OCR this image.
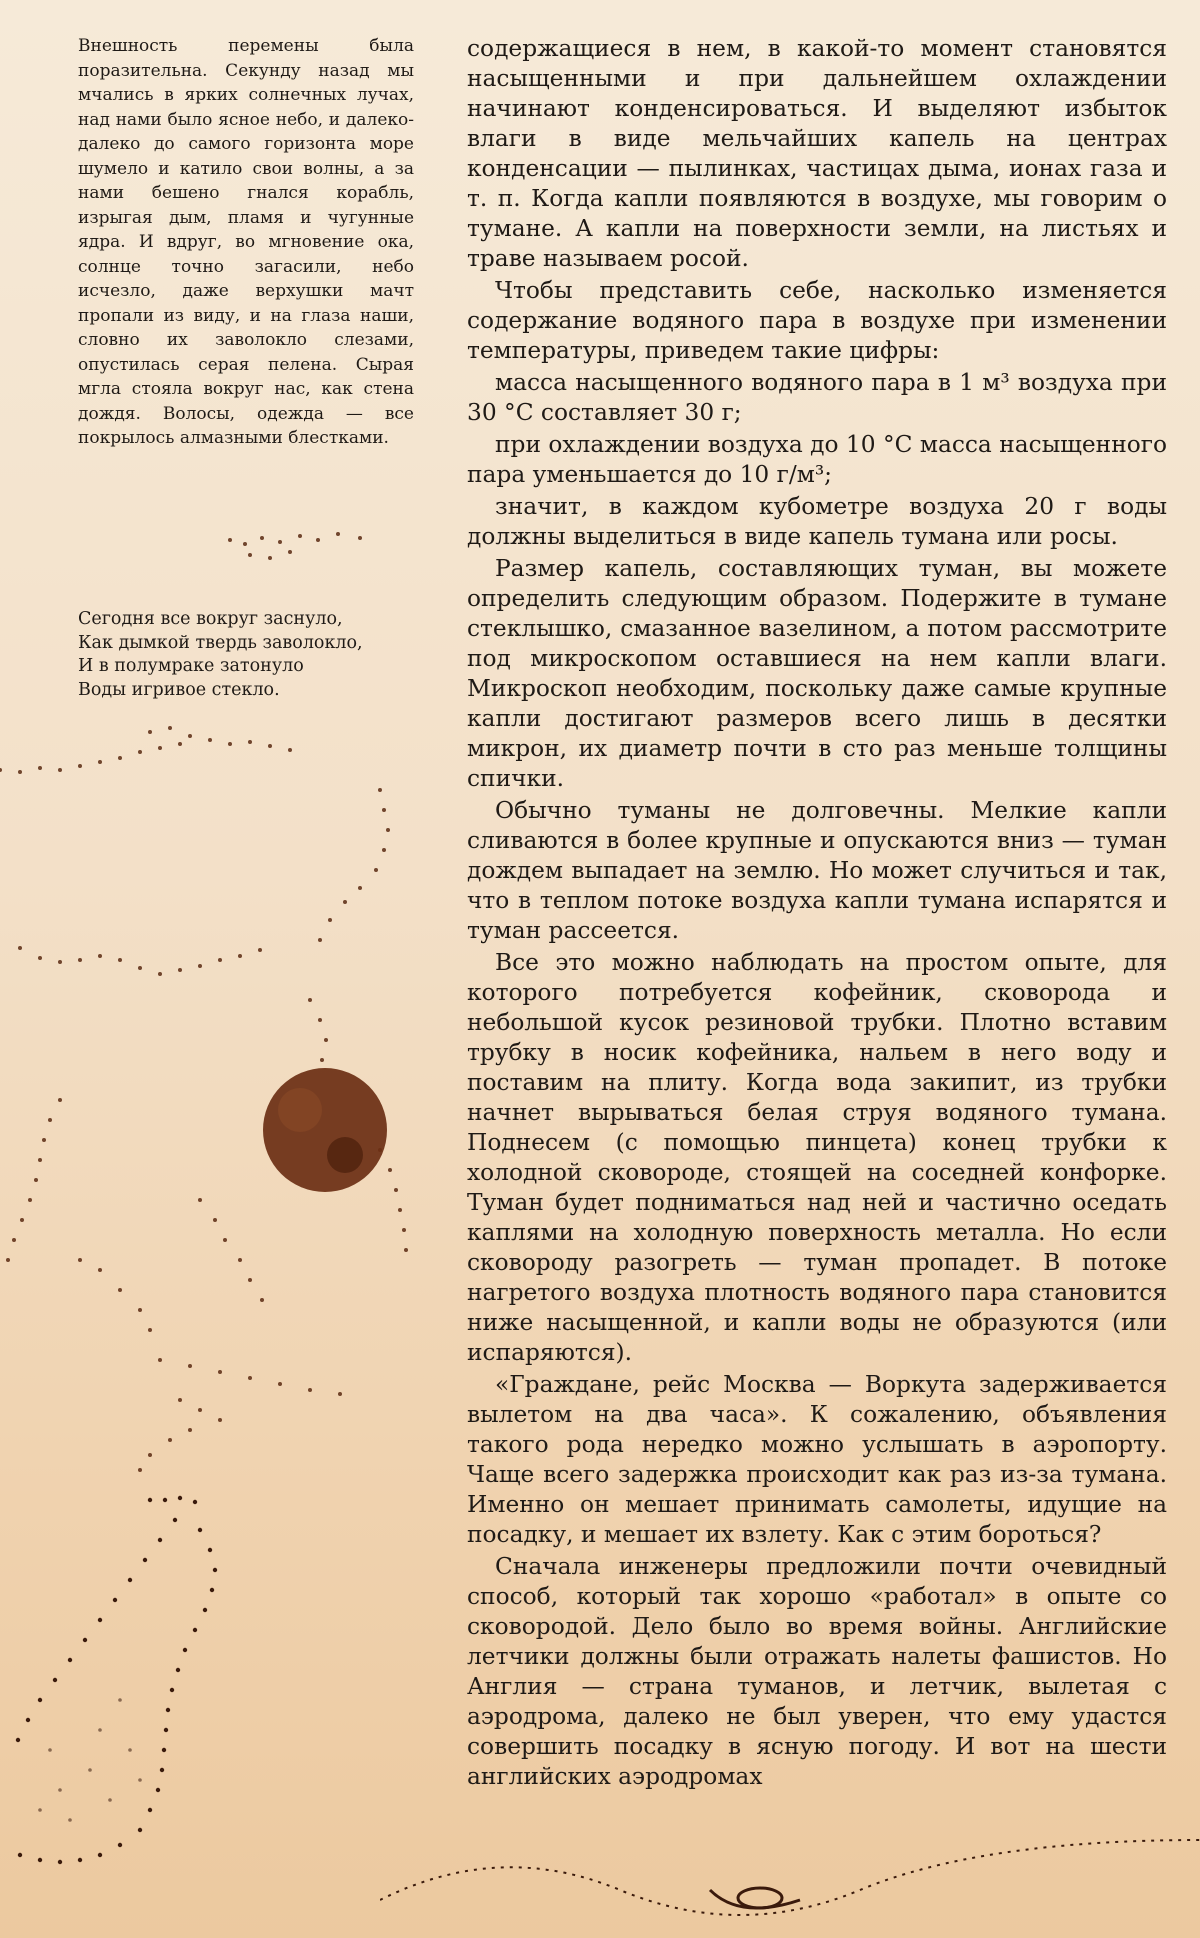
Внешность перемены была поразительна. Секунду назад мы мчались в ярких солнечных лучах, над нами было ясное небо, и далеко-далеко до самого горизонта море шумело и катило свои волны, а за нами бешено гнался корабль, изрыгая дым, пламя и чугунные ядра. И вдруг, во мгновение ока, солнце точно загасили, небо исчезло, даже верхушки мачт пропали из виду, и на глаза наши, словно их заволокло слезами, опустилась серая пелена. Сырая мгла стояла вокруг нас, как стена дождя. Волосы, одежда — все покрылось алмазными блестками.

Сегодня все вокруг заснуло,
Как дымкой твердь заволокло,
И в полумраке затонуло
Воды игривое стекло.

содержащиеся в нем, в какой-то момент становятся насыщенными и при дальнейшем охлаждении начинают конденсироваться. И выделяют избыток влаги в виде мельчайших капель на центрах конденсации — пылинках, частицах дыма, ионах газа и т. п. Когда капли появляются в воздухе, мы говорим о тумане. А капли на поверхности земли, на листьях и траве называем росой.

Чтобы представить себе, насколько изменяется содержание водяного пара в воздухе при изменении температуры, приведем такие цифры:

масса насыщенного водяного пара в 1 м³ воздуха при 30 °С составляет 30 г;

при охлаждении воздуха до 10 °С масса насыщенного пара уменьшается до 10 г/м³;

значит, в каждом кубометре воздуха 20 г воды должны выделиться в виде капель тумана или росы.

Размер капель, составляющих туман, вы можете определить следующим образом. Подержите в тумане стеклышко, смазанное вазелином, а потом рассмотрите под микроскопом оставшиеся на нем капли влаги. Микроскоп необходим, поскольку даже самые крупные капли достигают размеров всего лишь в десятки микрон, их диаметр почти в сто раз меньше толщины спички.

Обычно туманы не долговечны. Мелкие капли сливаются в более крупные и опускаются вниз — туман дождем выпадает на землю. Но может случиться и так, что в теплом потоке воздуха капли тумана испарятся и туман рассеется.

Все это можно наблюдать на простом опыте, для которого потребуется кофейник, сковорода и небольшой кусок резиновой трубки. Плотно вставим трубку в носик кофейника, нальем в него воду и поставим на плиту. Когда вода закипит, из трубки начнет вырываться белая струя водяного тумана. Поднесем (с помощью пинцета) конец трубки к холодной сковороде, стоящей на соседней конфорке. Туман будет подниматься над ней и частично оседать каплями на холодную поверхность металла. Но если сковороду разогреть — туман пропадет. В потоке нагретого воздуха плотность водяного пара становится ниже насыщенной, и капли воды не образуются (или испаряются).

«Граждане, рейс Москва — Воркута задерживается вылетом на два часа». К сожалению, объявления такого рода нередко можно услышать в аэропорту. Чаще всего задержка происходит как раз из-за тумана. Именно он мешает принимать самолеты, идущие на посадку, и мешает их взлету. Как с этим бороться?

Сначала инженеры предложили почти очевидный способ, который так хорошо «работал» в опыте со сковородой. Дело было во время войны. Английские летчики должны были отражать налеты фашистов. Но Англия — страна туманов, и летчик, вылетая с аэродрома, далеко не был уверен, что ему удастся совершить посадку в ясную погоду. И вот на шести английских аэродромах
